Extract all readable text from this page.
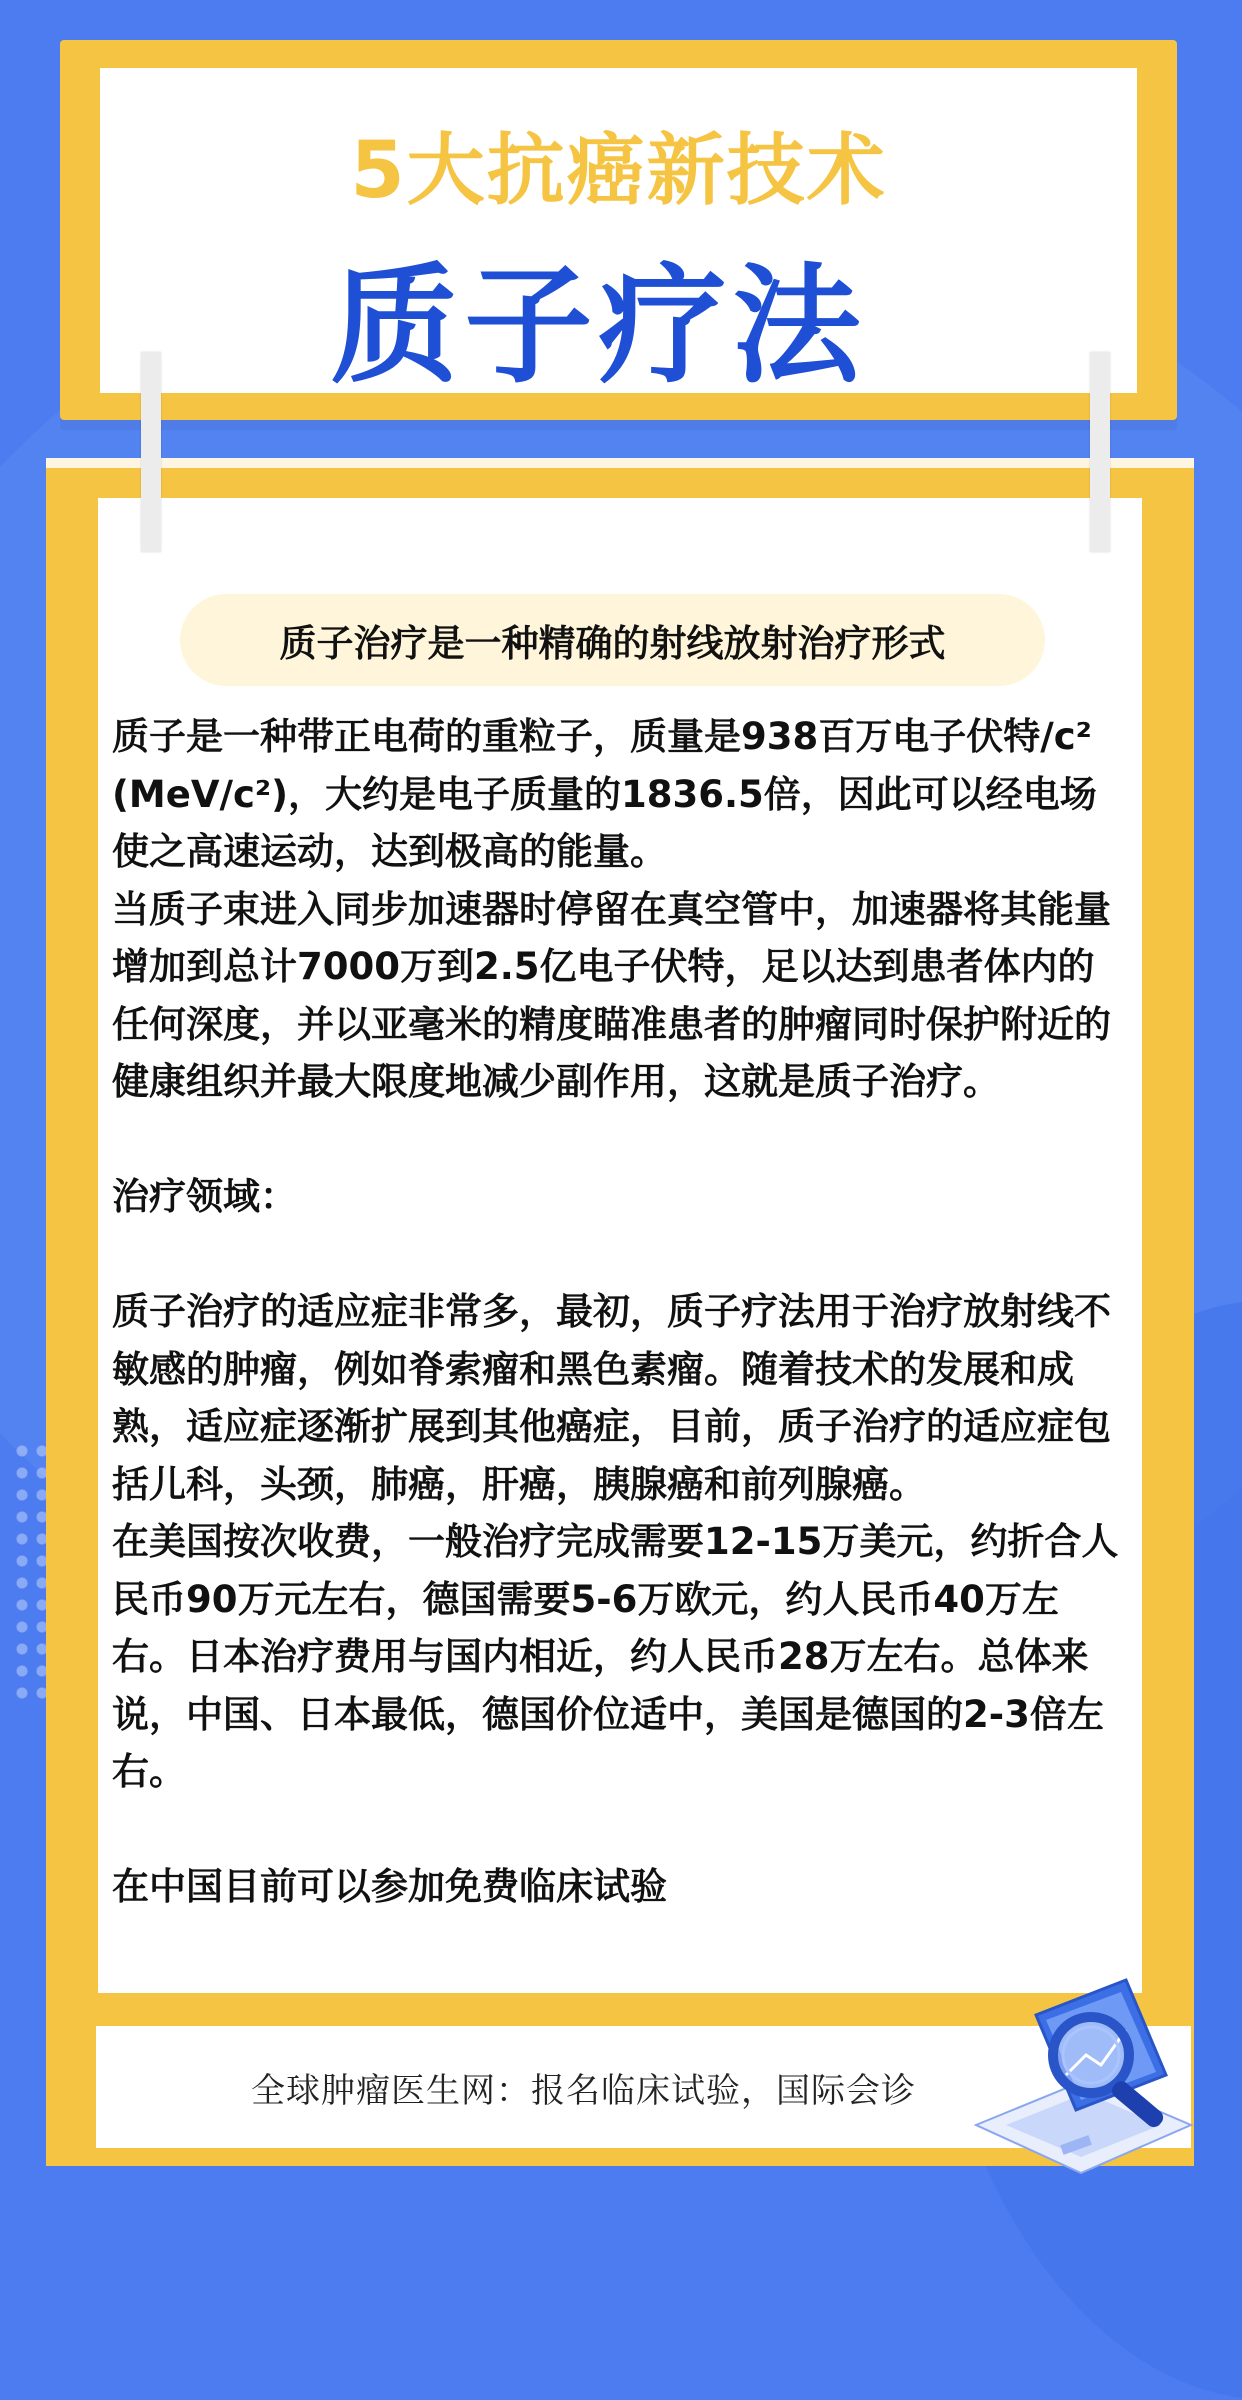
5大抗癌新技术
质子疗法
质子治疗是一种精确的射线放射治疗形式
质子是一种带正电荷的重粒子，质量是938百万电子伏特/c²(MeV/c²)，大约是电子质量的1836.5倍，因此可以经电场使之高速运动，达到极高的能量。
当质子束进入同步加速器时停留在真空管中，加速器将其能量增加到总计7000万到2.5亿电子伏特，足以达到患者体内的任何深度，并以亚毫米的精度瞄准患者的肿瘤同时保护附近的健康组织并最大限度地减少副作用，这就是质子治疗。

治疗领域：

质子治疗的适应症非常多，最初，质子疗法用于治疗放射线不敏感的肿瘤，例如脊索瘤和黑色素瘤。随着技术的发展和成熟，适应症逐渐扩展到其他癌症，目前，质子治疗的适应症包括儿科，头颈，肺癌，肝癌，胰腺癌和前列腺癌。
在美国按次收费，一般治疗完成需要12-15万美元，约折合人民币90万元左右，德国需要5-6万欧元，约人民币40万左右。日本治疗费用与国内相近，约人民币28万左右。总体来说，中国、日本最低，德国价位适中，美国是德国的2-3倍左右。

在中国目前可以参加免费临床试验
全球肿瘤医生网：报名临床试验，国际会诊
